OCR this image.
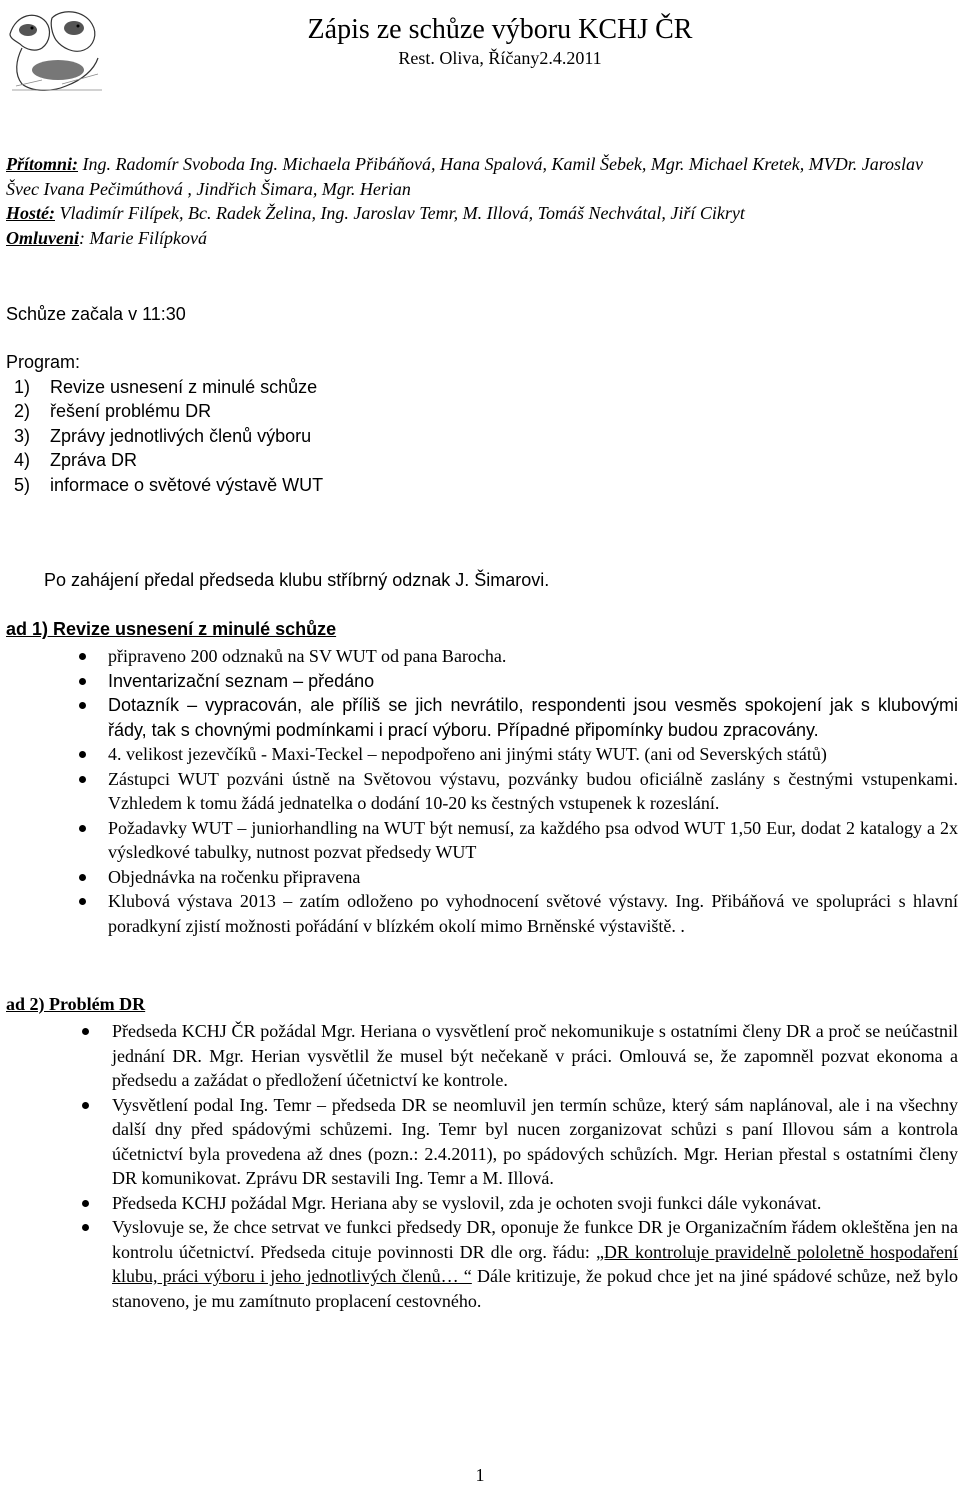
Zápis ze schůze výboru KCHJ ČR
Rest. Oliva, Říčany2.4.2011
Přítomni: Ing. Radomír Svoboda Ing. Michaela Přibáňová, Hana Spalová, Kamil Šebek, Mgr. Michael Kretek, MVDr. Jaroslav Švec Ivana Pečimúthová , Jindřich Šimara, Mgr. Herian
Hosté: Vladimír Filípek, Bc. Radek Želina, Ing. Jaroslav Temr, M. Illová, Tomáš Nechvátal, Jiří Cikryt
Omluveni: Marie Filípková
Schůze začala v 11:30
Program:
1)	Revize usnesení z minulé schůze
2)	řešení problému DR
3)	Zprávy jednotlivých členů výboru
4)	Zpráva DR
5)	informace o světové výstavě WUT
Po zahájení předal předseda klubu stříbrný odznak J. Šimarovi.
ad 1) Revize usnesení z minulé schůze
připraveno 200 odznaků na SV WUT od pana Barocha.
Inventarizační seznam – předáno
Dotazník – vypracován, ale příliš se jich nevrátilo, respondenti jsou vesměs spokojení jak s klubovými řády, tak s chovnými podmínkami i prací výboru. Případné připomínky budou zpracovány.
4. velikost jezevčíků - Maxi-Teckel – nepodpořeno ani jinými státy WUT. (ani od Severských států)
Zástupci WUT pozváni ústně na Světovou výstavu, pozvánky budou oficiálně zaslány s čestnými vstupenkami. Vzhledem k tomu žádá jednatelka o dodání 10-20 ks čestných vstupenek k rozeslání.
Požadavky WUT – juniorhandling na WUT být nemusí, za každého psa odvod WUT 1,50 Eur, dodat 2 katalogy a 2x výsledkové tabulky, nutnost pozvat předsedy WUT
Objednávka na ročenku připravena
Klubová výstava 2013 – zatím odloženo po vyhodnocení světové výstavy. Ing. Přibáňová ve spolupráci s hlavní poradkyní zjistí možnosti pořádání v blízkém okolí mimo Brněnské výstaviště. .
ad 2) Problém DR
Předseda KCHJ ČR požádal Mgr. Heriana o vysvětlení proč nekomunikuje s ostatními členy DR a proč se neúčastnil jednání DR. Mgr. Herian vysvětlil že musel být nečekaně v práci. Omlouvá se, že zapomněl pozvat ekonoma a předsedu a zažádat o předložení účetnictví ke kontrole.
Vysvětlení podal Ing. Temr – předseda DR se neomluvil jen termín schůze, který sám naplánoval, ale i na všechny další dny před spádovými schůzemi. Ing. Temr byl nucen zorganizovat schůzi s paní Illovou sám a kontrola účetnictví byla provedena až dnes (pozn.: 2.4.2011), po spádových schůzích. Mgr. Herian přestal s ostatními členy DR komunikovat. Zprávu DR sestavili Ing. Temr a M. Illová.
Předseda KCHJ požádal Mgr. Heriana aby se vyslovil, zda je ochoten svoji funkci dále vykonávat.
Vyslovuje se, že chce setrvat ve funkci předsedy DR, oponuje že funkce DR je Organizačním řádem okleštěna jen na kontrolu účetnictví. Předseda cituje povinnosti DR dle org. řádu: „DR kontroluje pravidelně pololetně hospodaření klubu, práci výboru i jeho jednotlivých členů… “ Dále kritizuje, že pokud chce jet na jiné spádové schůze, než bylo stanoveno, je mu zamítnuto proplacení cestovného.
1
